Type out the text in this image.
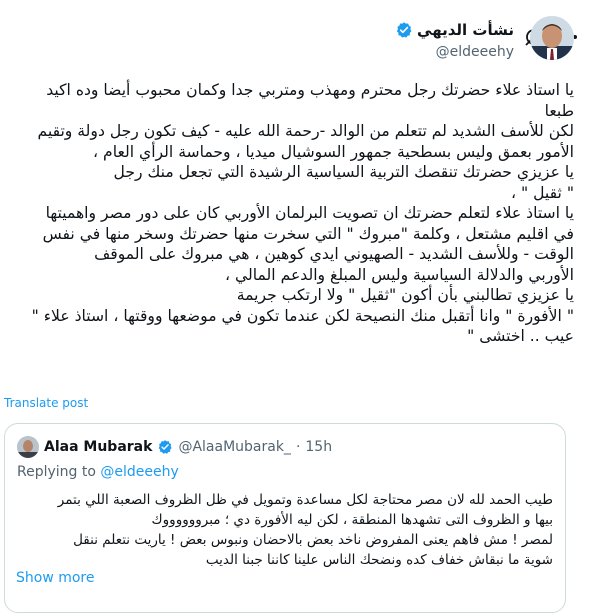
نشأت الديهي
@eldeeehy
يا استاذ علاء حضرتك رجل محترم ومهذب ومتربي جدا وكمان محبوب أيضا وده اكيد
طبعا
لكن للأسف الشديد لم تتعلم من الوالد -رحمة الله عليه - كيف تكون رجل دولة وتقيم
الأمور بعمق وليس بسطحية جمهور السوشيال ميديا ، وحماسة الرأي العام ،
يا عزيزي حضرتك تنقصك التربية السياسية الرشيدة التي تجعل منك رجل
" ثقيل " ،
يا استاذ علاء لتعلم حضرتك ان تصويت البرلمان الأوربي كان على دور مصر واهميتها
في اقليم مشتعل ، وكلمة "مبروك " التي سخرت منها حضرتك وسخر منها في نفس
الوقت - وللأسف الشديد - الصهيوني ايدي كوهين ، هي مبروك على الموقف
الأوربي والدلالة السياسية وليس المبلغ والدعم المالي ،
يا عزيزي تطالبني بأن أكون "ثقيل " ولا ارتكب جريمة
" الأفورة " وانا أتقبل منك النصيحة لكن عندما تكون في موضعها ووقتها ، استاذ علاء "
عيب .. اختشى "
Translate post
Alaa Mubarak @AlaaMubarak_ · 15h
Replying to @eldeeehy
طيب الحمد لله لان مصر محتاجة لكل مساعدة وتمويل في ظل الظروف الصعبة اللي بتمر
بيها و الظروف التى تشهدها المنطقة ، لكن ليه الأفورة دي ؛ مبرووووووك
لمصر ! مش فاهم يعنى المفروض ناخد بعض بالاحضان ونبوس بعض ! ياريت نتعلم ننقل
شوية ما نبقاش خفاف كده ونضحك الناس علينا كاننا جبنا الديب
Show more
